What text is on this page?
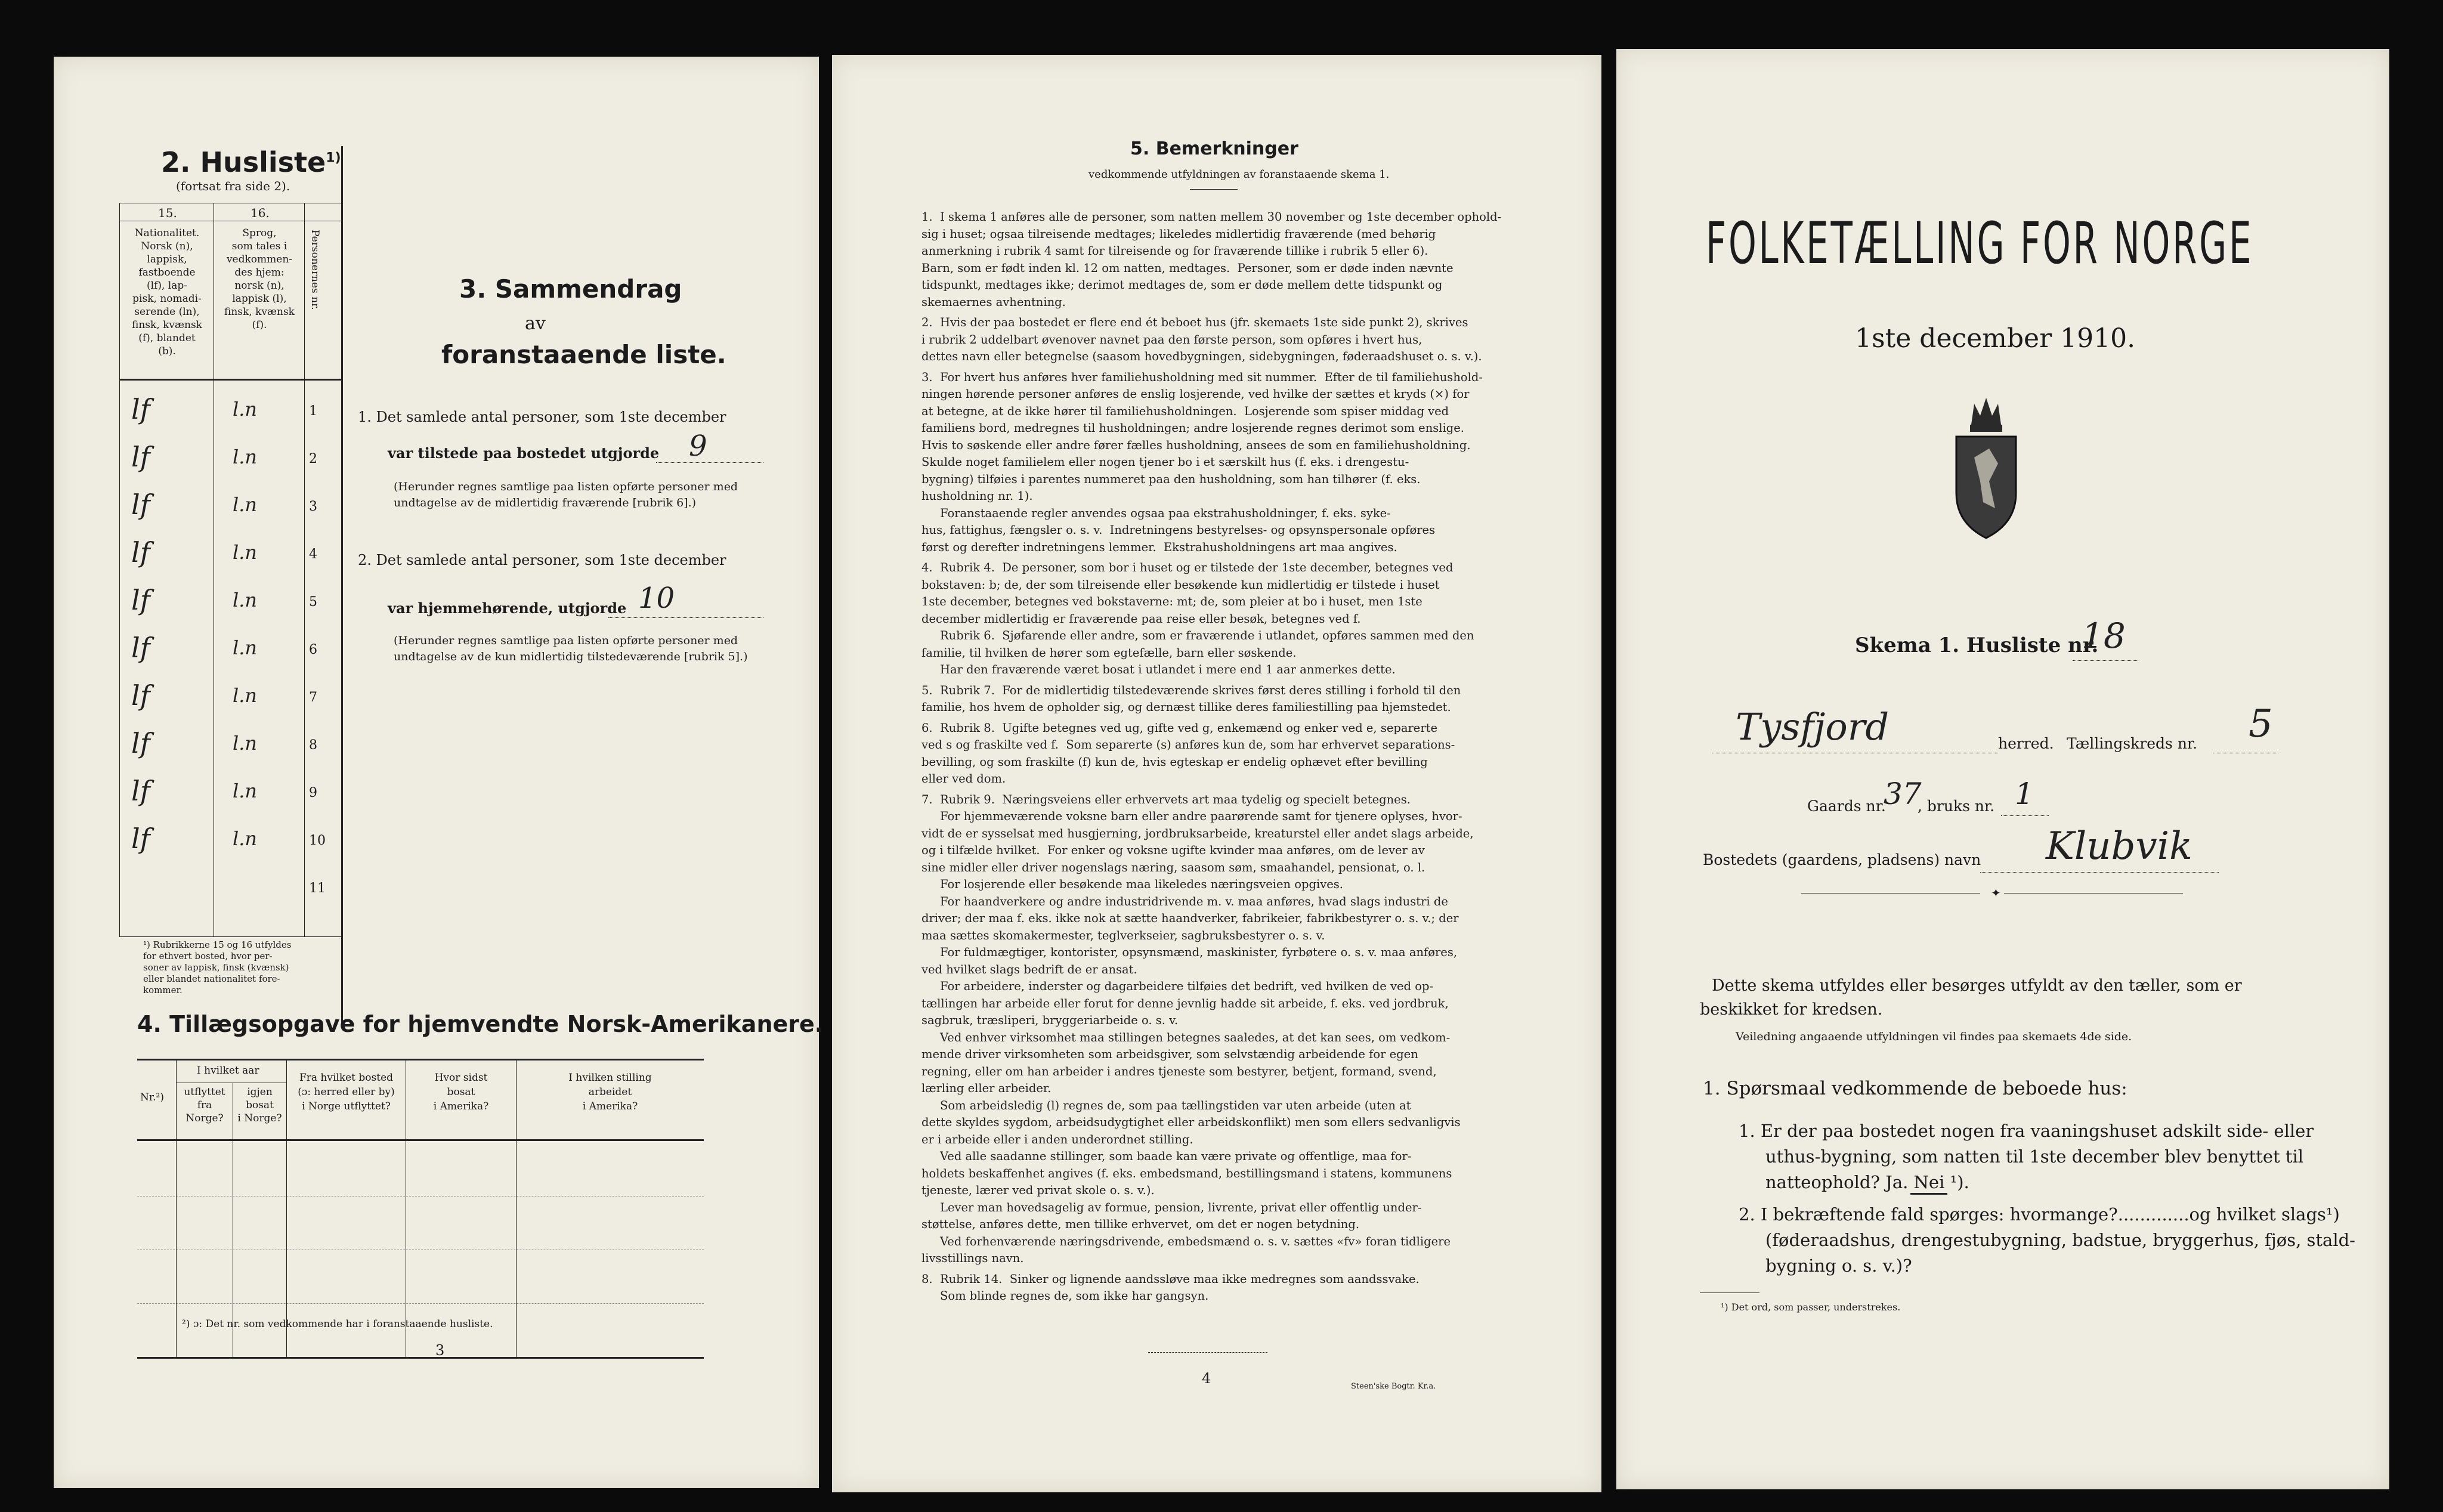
2. Husliste$^{1)}$
(fortsat fra side 2).
15.	16.
Nationalitet.
Norsk (n),
lappisk,
fastboende
(lf), lap-
pisk, nomadi-
serende (ln),
finsk, kvænsk
(f), blandet
(b).
Sprog,
som tales i
vedkommen-
des hjem:
norsk (n),
lappisk (l),
finsk, kvænsk
(f).
Personernes nr.
lf	l.n	1
lf	l.n	2
lf	l.n	3
lf	l.n	4
lf	l.n	5
lf	l.n	6
lf	l.n	7
lf	l.n	8
lf	l.n	9
lf	l.n	10
11
¹) Rubrikkerne 15 og 16 utfyldes
for ethvert bosted, hvor per-
soner av lappisk, finsk (kvænsk)
eller blandet nationalitet fore-
kommer.
3. Sammendrag
av
foranstaaende liste.
1. Det samlede antal personer, som 1ste december
var tilstede paa bostedet utgjorde 9
(Herunder regnes samtlige paa listen opførte personer med
undtagelse av de midlertidig fraværende [rubrik 6].)
2. Det samlede antal personer, som 1ste december
var hjemmehørende, utgjorde 10
(Herunder regnes samtlige paa listen opførte personer med
undtagelse av de kun midlertidig tilstedeværende [rubrik 5].)
4. Tillægsopgave for hjemvendte Norsk-Amerikanere.
Nr.²)
I hvilket aar
utflyttet
fra
Norge?
igjen
bosat
i Norge?
Fra hvilket bosted
(ɔ: herred eller by)
i Norge utflyttet?
Hvor sidst
bosat
i Amerika?
I hvilken stilling
arbeidet
i Amerika?
²) ɔ: Det nr. som vedkommende har i foranstaaende husliste.
3
5. Bemerkninger
vedkommende utfyldningen av foranstaaende skema 1.
1.  I skema 1 anføres alle de personer, som natten mellem 30 november og 1ste december ophold-
sig i huset; ogsaa tilreisende medtages; likeledes midlertidig fraværende (med behørig
anmerkning i rubrik 4 samt for tilreisende og for fraværende tillike i rubrik 5 eller 6).
Barn, som er født inden kl. 12 om natten, medtages.  Personer, som er døde inden nævnte
tidspunkt, medtages ikke; derimot medtages de, som er døde mellem dette tidspunkt og
skemaernes avhentning.
2.  Hvis der paa bostedet er flere end ét beboet hus (jfr. skemaets 1ste side punkt 2), skrives
i rubrik 2 uddelbart øvenover navnet paa den første person, som opføres i hvert hus,
dettes navn eller betegnelse (saasom hovedbygningen, sidebygningen, føderaadshuset o. s. v.).
3.  For hvert hus anføres hver familiehusholdning med sit nummer.  Efter de til familiehushold-
ningen hørende personer anføres de enslig losjerende, ved hvilke der sættes et kryds (×) for
at betegne, at de ikke hører til familiehusholdningen.  Losjerende som spiser middag ved
familiens bord, medregnes til husholdningen; andre losjerende regnes derimot som enslige.
Hvis to søskende eller andre fører fælles husholdning, ansees de som en familiehusholdning.
Skulde noget familielem eller nogen tjener bo i et særskilt hus (f. eks. i drengestu-
bygning) tilføies i parentes nummeret paa den husholdning, som han tilhører (f. eks.
husholdning nr. 1).
Foranstaaende regler anvendes ogsaa paa ekstrahusholdninger, f. eks. syke-
hus, fattighus, fængsler o. s. v.  Indretningens bestyrelses- og opsynspersonale opføres
først og derefter indretningens lemmer.  Ekstrahusholdningens art maa angives.
4.  Rubrik 4.  De personer, som bor i huset og er tilstede der 1ste december, betegnes ved
bokstaven: b; de, der som tilreisende eller besøkende kun midlertidig er tilstede i huset
1ste december, betegnes ved bokstaverne: mt; de, som pleier at bo i huset, men 1ste
december midlertidig er fraværende paa reise eller besøk, betegnes ved f.
Rubrik 6.  Sjøfarende eller andre, som er fraværende i utlandet, opføres sammen med den
familie, til hvilken de hører som egtefælle, barn eller søskende.
Har den fraværende været bosat i utlandet i mere end 1 aar anmerkes dette.
5.  Rubrik 7.  For de midlertidig tilstedeværende skrives først deres stilling i forhold til den
familie, hos hvem de opholder sig, og dernæst tillike deres familiestilling paa hjemstedet.
6.  Rubrik 8.  Ugifte betegnes ved ug, gifte ved g, enkemænd og enker ved e, separerte
ved s og fraskilte ved f.  Som separerte (s) anføres kun de, som har erhvervet separations-
bevilling, og som fraskilte (f) kun de, hvis egteskap er endelig ophævet efter bevilling
eller ved dom.
7.  Rubrik 9.  Næringsveiens eller erhvervets art maa tydelig og specielt betegnes.
For hjemmeværende voksne barn eller andre paarørende samt for tjenere oplyses, hvor-
vidt de er sysselsat med husgjerning, jordbruksarbeide, kreaturstel eller andet slags arbeide,
og i tilfælde hvilket.  For enker og voksne ugifte kvinder maa anføres, om de lever av
sine midler eller driver nogenslags næring, saasom søm, smaahandel, pensionat, o. l.
For losjerende eller besøkende maa likeledes næringsveien opgives.
For haandverkere og andre industridrivende m. v. maa anføres, hvad slags industri de
driver; der maa f. eks. ikke nok at sætte haandverker, fabrikeier, fabrikbestyrer o. s. v.; der
maa sættes skomakermester, teglverkseier, sagbruksbestyrer o. s. v.
For fuldmægtiger, kontorister, opsynsmænd, maskinister, fyrbøtere o. s. v. maa anføres,
ved hvilket slags bedrift de er ansat.
For arbeidere, inderster og dagarbeidere tilføies det bedrift, ved hvilken de ved op-
tællingen har arbeide eller forut for denne jevnlig hadde sit arbeide, f. eks. ved jordbruk,
sagbruk, træsliperi, bryggeriarbeide o. s. v.
Ved enhver virksomhet maa stillingen betegnes saaledes, at det kan sees, om vedkom-
mende driver virksomheten som arbeidsgiver, som selvstændig arbeidende for egen
regning, eller om han arbeider i andres tjeneste som bestyrer, betjent, formand, svend,
lærling eller arbeider.
Som arbeidsledig (l) regnes de, som paa tællingstiden var uten arbeide (uten at
dette skyldes sygdom, arbeidsudygtighet eller arbeidskonflikt) men som ellers sedvanligvis
er i arbeide eller i anden underordnet stilling.
Ved alle saadanne stillinger, som baade kan være private og offentlige, maa for-
holdets beskaffenhet angives (f. eks. embedsmand, bestillingsmand i statens, kommunens
tjeneste, lærer ved privat skole o. s. v.).
Lever man hovedsagelig av formue, pension, livrente, privat eller offentlig under-
støttelse, anføres dette, men tillike erhvervet, om det er nogen betydning.
Ved forhenværende næringsdrivende, embedsmænd o. s. v. sættes «fv» foran tidligere
livsstillings navn.
8.  Rubrik 14.  Sinker og lignende aandssløve maa ikke medregnes som aandssvake.
Som blinde regnes de, som ikke har gangsyn.
4	Steen'ske Bogtr. Kr.a.
FOLKETÆLLING FOR NORGE
1ste december 1910.
Skema 1. Husliste nr.
18
Tysfjord	herred. Tællingskreds nr. 5
Gaards nr.
37
, bruks nr. 1
Bostedets (gaardens, pladsens) navn Klubvik
✦
Dette skema utfyldes eller besørges utfyldt av den tæller, som er
beskikket for kredsen.
Veiledning angaaende utfyldningen vil findes paa skemaets 4de side.
1. Spørsmaal vedkommende de beboede hus:
1. Er der paa bostedet nogen fra vaaningshuset adskilt side- eller
uthus-bygning, som natten til 1ste december blev benyttet til
natteophold? Ja. Nei ¹).
2. I bekræftende fald spørges: hvormange?.............og hvilket slags¹)
(føderaadshus, drengestubygning, badstue, bryggerhus, fjøs, stald-
bygning o. s. v.)?
¹) Det ord, som passer, understrekes.
